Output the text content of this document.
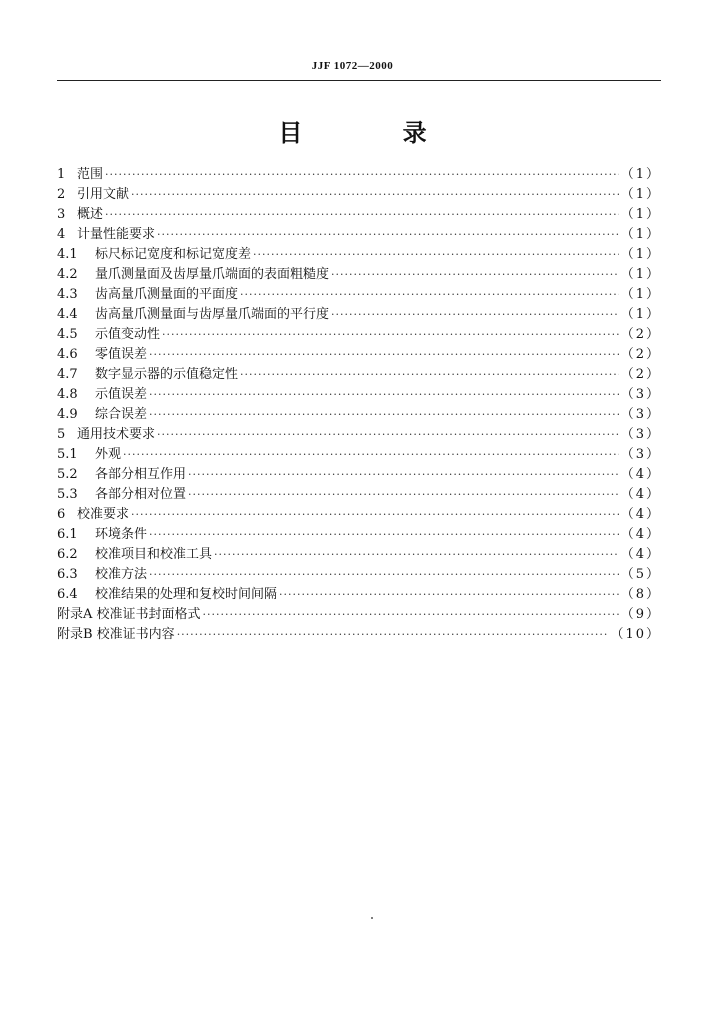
JJF 1072—2000
目 录
1 范围 ·····	（1）
2 引用文献 ·····	（1）
3 概述 ·····	（1）
4 计量性能要求 ·····	（1）
4.1	标尺标记宽度和标记宽度差 ·····	（1）
4.2	量爪测量面及齿厚量爪端面的表面粗糙度 ·····	（1）
4.3	齿高量爪测量面的平面度 ·····	（1）
4.4	齿高量爪测量面与齿厚量爪端面的平行度 ·····	（1）
4.5	示值变动性 ·····	（2）
4.6	零值误差 ·····	（2）
4.7	数字显示器的示值稳定性 ·····	（2）
4.8	示值误差 ·····	（3）
4.9	综合误差 ·····	（3）
5 通用技术要求 ·····	（3）
5.1	外观 ·····	（3）
5.2	各部分相互作用 ·····	（4）
5.3	各部分相对位置 ·····	（4）
6 校准要求 ·····	（4）
6.1	环境条件 ·····	（4）
6.2	校准项目和校准工具 ·····	（4）
6.3	校准方法 ·····	（5）
6.4	校准结果的处理和复校时间间隔 ·····	（8）
附录A 校准证书封面格式 ·····	（9）
附录B 校准证书内容 ·····	（10）
